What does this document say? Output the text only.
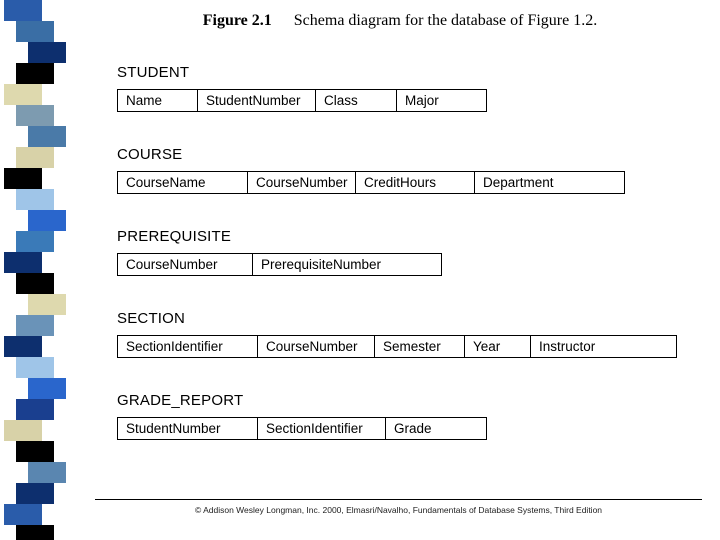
Figure 2.1 Schema diagram for the database of Figure 1.2.
STUDENT
Name	StudentNumber	Class	Major
COURSE
CourseName	CourseNumber	CreditHours	Department
PREREQUISITE
CourseNumber	PrerequisiteNumber
SECTION
SectionIdentifier	CourseNumber	Semester	Year	Instructor
GRADE_REPORT
StudentNumber	SectionIdentifier	Grade
© Addison Wesley Longman, Inc. 2000, Elmasri/Navalho, Fundamentals of Database Systems, Third Edition
